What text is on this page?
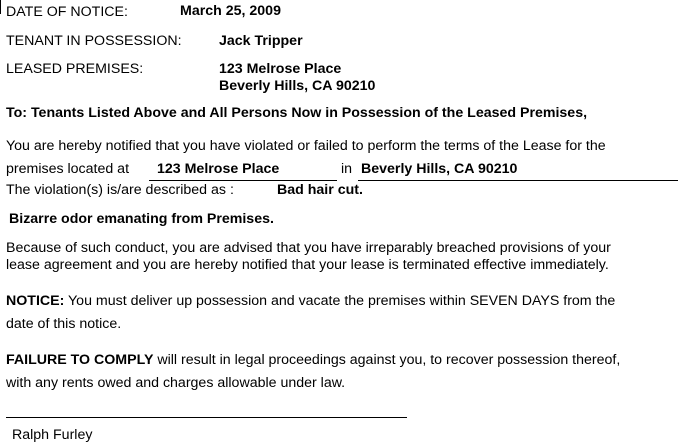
DATE OF NOTICE:	March 25, 2009
TENANT IN POSSESSION:	Jack Tripper
LEASED PREMISES:	123 Melrose Place
Beverly Hills, CA 90210
To: Tenants Listed Above and All Persons Now in Possession of the Leased Premises,
You are hereby notified that you have violated or failed to perform the terms of the Lease for the
premises located at 123 Melrose Place	in Beverly Hills, CA 90210
The violation(s) is/are described as :	Bad hair cut.
Bizarre odor emanating from Premises.
Because of such conduct, you are advised that you have irreparably breached provisions of your
lease agreement and you are hereby notified that your lease is terminated effective immediately.
NOTICE: You must deliver up possession and vacate the premises within SEVEN DAYS from the
date of this notice.
FAILURE TO COMPLY will result in legal proceedings against you, to recover possession thereof,
with any rents owed and charges allowable under law.
Ralph Furley
